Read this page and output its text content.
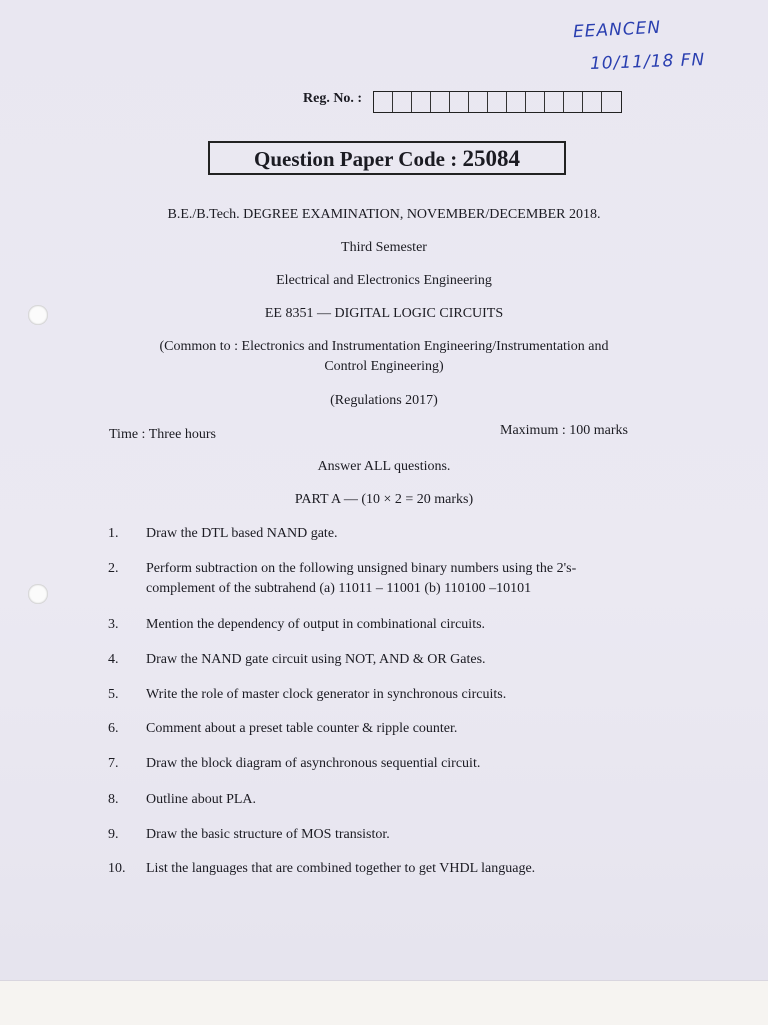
EEANCEN
10/11/18 FN
Reg. No. :
Question Paper Code : 25084
B.E./B.Tech. DEGREE EXAMINATION, NOVEMBER/DECEMBER 2018.
Third Semester
Electrical and Electronics Engineering
EE 8351 — DIGITAL LOGIC CIRCUITS
(Common to : Electronics and Instrumentation Engineering/Instrumentation and
Control Engineering)
(Regulations 2017)
Time : Three hours	Maximum : 100 marks
Answer ALL questions.
PART A — (10 × 2 = 20 marks)
1.	Draw the DTL based NAND gate.
2.	Perform subtraction on the following unsigned binary numbers using the 2's-
complement of the subtrahend (a) 11011 – 11001 (b) 110100 –10101
3.	Mention the dependency of output in combinational circuits.
4.	Draw the NAND gate circuit using NOT, AND & OR Gates.
5.	Write the role of master clock generator in synchronous circuits.
6.	Comment about a preset table counter & ripple counter.
7.	Draw the block diagram of asynchronous sequential circuit.
8.	Outline about PLA.
9.	Draw the basic structure of MOS transistor.
10.	List the languages that are combined together to get VHDL language.
